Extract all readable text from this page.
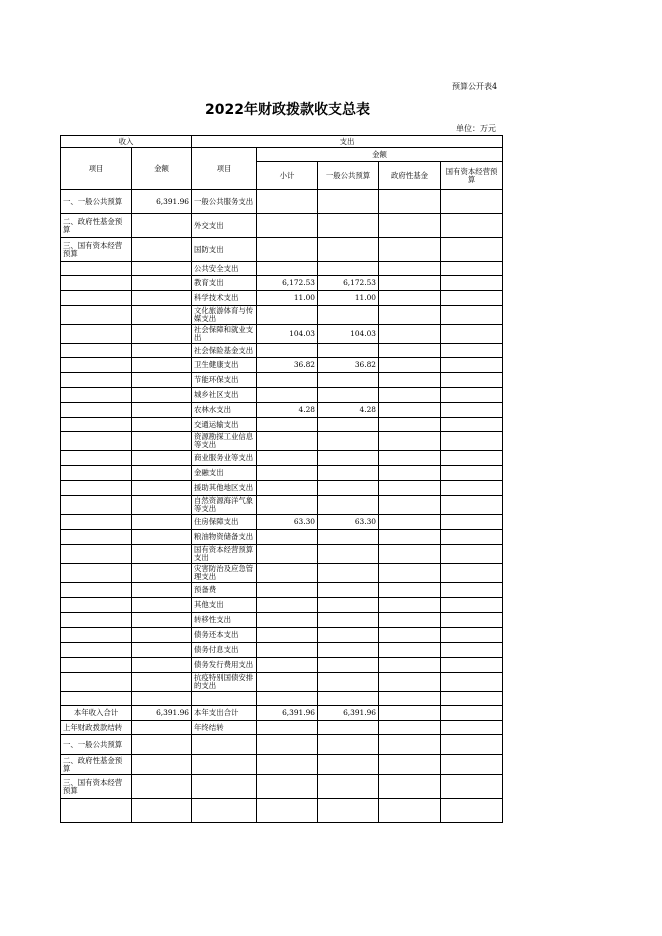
预算公开表4
2022年财政拨款收支总表
单位：万元
收入		支出				
项目	金额	项目	金额			
			小计	一般公共预算	政府性基金	国有资本经营预算
一、一般公共预算	6,391.96	一般公共服务支出				
二、政府性基金预算		外交支出				
三、国有资本经营预算		国防支出				
		公共安全支出				
		教育支出	6,172.53	6,172.53		
		科学技术支出	11.00	11.00		
		文化旅游体育与传媒支出				
		社会保障和就业支出	104.03	104.03		
		社会保险基金支出				
		卫生健康支出	36.82	36.82		
		节能环保支出				
		城乡社区支出				
		农林水支出	4.28	4.28		
		交通运输支出				
		资源勘探工业信息等支出				
		商业服务业等支出				
		金融支出				
		援助其他地区支出				
		自然资源海洋气象等支出				
		住房保障支出	63.30	63.30		
		粮油物资储备支出				
		国有资本经营预算支出				
		灾害防治及应急管理支出				
		预备费				
		其他支出				
		转移性支出				
		债务还本支出				
		债务付息支出				
		债务发行费用支出				
		抗疫特别国债安排的支出				

本年收入合计	6,391.96	本年支出合计	6,391.96	6,391.96		
上年财政拨款结转		年终结转				
一、一般公共预算						
二、政府性基金预算						
三、国有资本经营预算						
